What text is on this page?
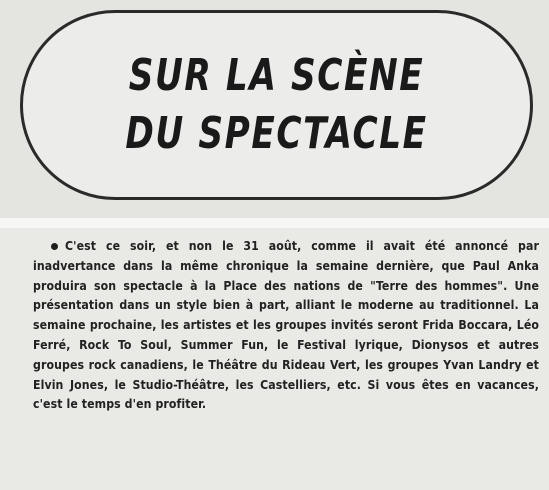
SUR LA SCÈNE
DU SPECTACLE
C'est ce soir, et non le 31 août, comme il avait été annoncé par inadvertance dans la même chronique la semaine dernière, que Paul Anka produira son spectacle à la Place des nations de "Terre des hommes". Une présentation dans un style bien à part, alliant le moderne au traditionnel. La semaine prochaine, les artistes et les groupes invités seront Frida Boccara, Léo Ferré, Rock To Soul, Summer Fun, le Festival lyrique, Dionysos et autres groupes rock canadiens, le Théâtre du Rideau Vert, les groupes Yvan Landry et Elvin Jones, le Studio-Théâtre, les Castelliers, etc. Si vous êtes en vacances, c'est le temps d'en profiter.
